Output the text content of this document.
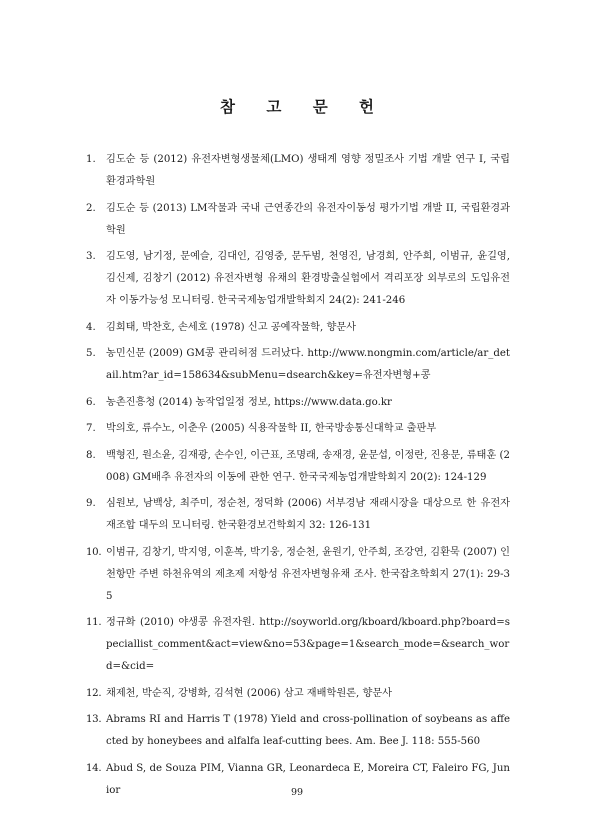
참 고 문 헌
1.	김도순 등 (2012) 유전자변형생물체(LMO) 생태계 영향 정밀조사 기법 개발 연구 I, 국립환경과학원
2.	김도순 등 (2013) LM작물과 국내 근연종간의 유전자이동성 평가기법 개발 II, 국립환경과학원
3.	김도영, 남기정, 문예슬, 김대인, 김영중, 문두범, 천영진, 남경희, 안주희, 이범규, 윤길영, 김신제, 김창기 (2012) 유전자변형 유채의 환경방출실험에서 격리포장 외부로의 도입유전자 이동가능성 모니터링. 한국국제농업개발학회지 24(2): 241-246
4.	김희태, 박찬호, 손세호 (1978) 신고 공예작물학, 향문사
5.	농민신문 (2009) GM콩 관리허점 드러났다. http://www.nongmin.com/article/ar_detail.htm?ar_id=158634&subMenu=dsearch&key=유전자변형+콩
6.	농촌진흥청 (2014) 농작업일정 정보, https://www.data.go.kr
7.	박의호, 류수노, 이춘우 (2005) 식용작물학 II, 한국방송통신대학교 출판부
8.	백형진, 원소윤, 김재광, 손수인, 이근표, 조명래, 송재경, 윤문섭, 이정란, 진용문, 류태훈 (2008) GM배추 유전자의 이동에 관한 연구. 한국국제농업개발학회지 20(2): 124-129
9.	심원보, 남백상, 최주미, 정순천, 정덕화 (2006) 서부경남 재래시장을 대상으로 한 유전자 재조합 대두의 모니터링. 한국환경보건학회지 32: 126-131
10. 이범규, 김창기, 박지영, 이훈복, 박기웅, 정순천, 윤원기, 안주희, 조강연, 김환묵 (2007) 인천항만 주변 하천유역의 제초제 저항성 유전자변형유채 조사. 한국잡초학회지 27(1): 29-35
11. 정규화 (2010) 야생콩 유전자원. http://soyworld.org/kboard/kboard.php?board=speciallist_comment&act=view&no=53&page=1&search_mode=&search_word=&cid=
12. 채제천, 박순직, 강병화, 김석현 (2006) 삼고 재배학원론, 향문사
13. Abrams RI and Harris T (1978) Yield and cross-pollination of soybeans as affected by honeybees and alfalfa leaf-cutting bees. Am. Bee J. 118: 555-560
14. Abud S, de Souza PIM, Vianna GR, Leonardeca E, Moreira CT, Faleiro FG, Junior	99
